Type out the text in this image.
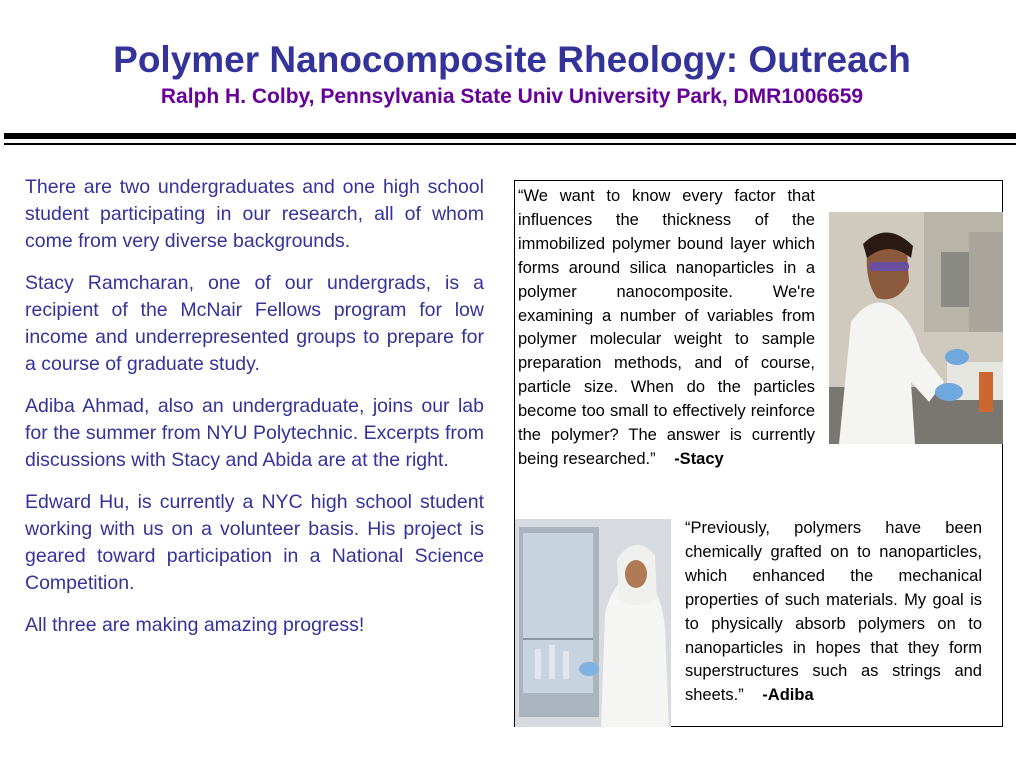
Polymer Nanocomposite Rheology: Outreach
Ralph H. Colby, Pennsylvania State Univ University Park, DMR1006659

There are two undergraduates and one high school student participating in our research, all of whom come from very diverse backgrounds.

Stacy Ramcharan, one of our undergrads, is a recipient of the McNair Fellows program for low income and underrepresented groups to prepare for a course of graduate study.

Adiba Ahmad, also an undergraduate, joins our lab for the summer from NYU Polytechnic. Excerpts from discussions with Stacy and Abida are at the right.

Edward Hu, is currently a NYC high school student working with us on a volunteer basis. His project is geared toward participation in a National Science Competition.

All three are making amazing progress!

“We want to know every factor that influences the thickness of the immobilized polymer bound layer which forms around silica nanoparticles in a polymer nanocomposite. We're examining a number of variables from polymer molecular weight to sample preparation methods, and of course, particle size. When do the particles become too small to effectively reinforce the polymer? The answer is currently being researched.” -Stacy
“Previously, polymers have been chemically grafted on to nanoparticles, which enhanced the mechanical properties of such materials. My goal is to physically absorb polymers on to nanoparticles in hopes that they form superstructures such as strings and sheets.” -Adiba
